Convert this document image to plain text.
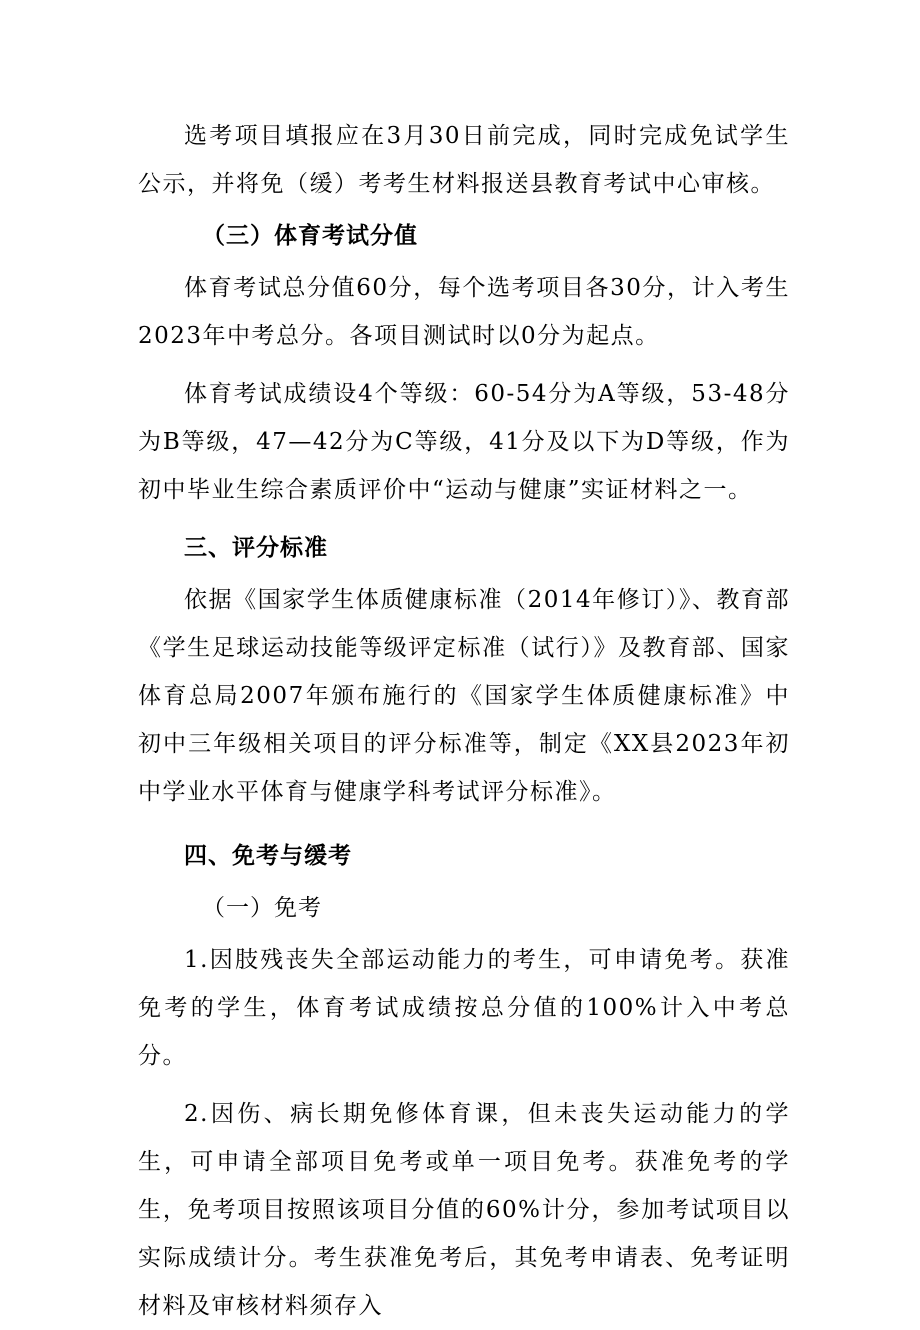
选考项目填报应在3月30日前完成，同时完成免试学生公示，并将免（缓）考考生材料报送县教育考试中心审核。

（三）体育考试分值

体育考试总分值60分，每个选考项目各30分，计入考生2023年中考总分。各项目测试时以0分为起点。

体育考试成绩设4个等级：60-54分为A等级，53-48分为B等级，47—42分为C等级，41分及以下为D等级，作为初中毕业生综合素质评价中“运动与健康”实证材料之一。

三、评分标准

依据《国家学生体质健康标准（2014年修订）》、教育部《学生足球运动技能等级评定标准（试行）》及教育部、国家体育总局2007年颁布施行的《国家学生体质健康标准》中初中三年级相关项目的评分标准等，制定《XX县2023年初中学业水平体育与健康学科考试评分标准》。

四、免考与缓考

（一）免考

1.因肢残丧失全部运动能力的考生，可申请免考。获准免考的学生，体育考试成绩按总分值的100%计入中考总分。

2.因伤、病长期免修体育课，但未丧失运动能力的学生，可申请全部项目免考或单一项目免考。获准免考的学生，免考项目按照该项目分值的60%计分，参加考试项目以实际成绩计分。考生获准免考后，其免考申请表、免考证明材料及审核材料须存入
